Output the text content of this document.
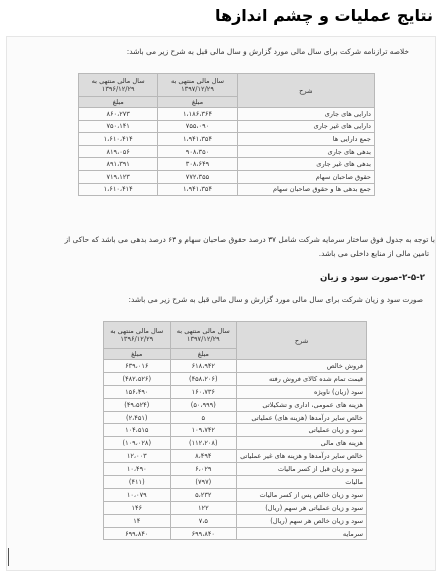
نتایج عملیات و چشم اندازها
خلاصه ترازنامه شرکت برای سال مالی مورد گزارش و سال مالی قبل به شرح زیر می باشد:
شرح	سال مالی منتهی به ۱۳۹۷/۱۲/۲۹	سال مالی منتهی به ۱۳۹۶/۱۲/۲۹
	مبلغ	مبلغ
دارایی های جاری	۱،۱۸۶،۳۶۴	۸۶۰،۲۷۳
دارایی های غیر جاری	۷۵۵،۰۹۰	۷۵۰،۱۴۱
جمع دارایی ها	۱،۹۴۱،۳۵۴	۱،۶۱۰،۴۱۴
بدهی های جاری	۹۰۸،۳۵۰	۸۱۹،۰۵۶
بدهی های غیر جاری	۳۰۸،۶۴۹	۸۹۱،۳۹۱
حقوق صاحبان سهام	۷۷۲،۳۵۵	۷۱۹،۱۲۳
جمع بدهی ها و حقوق صاحبان سهام	۱،۹۴۱،۳۵۴	۱،۶۱۰،۴۱۴
با توجه به جدول فوق ساختار سرمایه شرکت شامل ۳۷ درصد حقوق صاحبان سهام و ۶۳ درصد بدهی می باشد که حاکی از
تامین مالی از منابع داخلی می باشد.
۲-۵-۲-صورت سود و زیان
صورت سود و زیان شرکت برای سال مالی مورد گزارش و سال مالی قبل به شرح زیر می باشد:
شرح	سال مالی منتهی به ۱۳۹۷/۱۲/۲۹	سال مالی منتهی به ۱۳۹۶/۱۲/۲۹
	مبلغ	مبلغ
فروش خالص	۶۱۸،۹۴۲	۶۳۹،۰۱۶
قیمت تمام شده کالای فروش رفته	(۴۵۸،۲۰۶)	(۴۸۲،۵۲۶)
سود (زیان) ناویژه	۱۶۰،۷۳۶	۱۵۶،۴۹۰
هزینه های عمومی، اداری و تشکیلاتی	(۵۰،۹۹۹)	(۴۹،۵۲۴)
خالص سایر درآمدها (هزینه های) عملیاتی	۵	(۲،۴۵۱)
سود و زیان عملیاتی	۱۰۹،۷۴۲	۱۰۴،۵۱۵
هزینه های مالی	(۱۱۲،۲۰۸)	(۱۰۹،۰۲۸)
خالص سایر درآمدها و هزینه های غیر عملیاتی	۸،۴۹۴	۱۲،۰۰۳
سود و زیان قبل از کسر مالیات	۶،۰۲۹	۱۰،۴۹۰
مالیات	(۷۹۷)	(۴۱۱)
سود و زیان خالص پس از کسر مالیات	۵،۲۳۲	۱۰،۰۷۹
سود و زیان عملیاتی هر سهم (ریال)	۱۲۲	۱۴۶
سود و زیان خالص هر سهم (ریال)	۷،۵	۱۴
سرمایه	۶۹۹،۸۴۰	۶۹۹،۸۴۰
